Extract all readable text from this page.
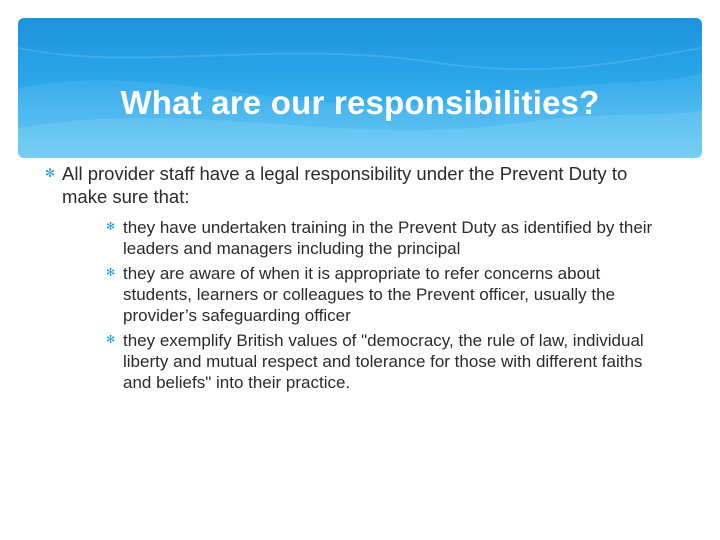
What are our responsibilities?
✻ All provider staff have a legal responsibility under the Prevent Duty to make sure that:
✻ they have undertaken training in the Prevent Duty as identified by their leaders and managers including the principal
✻ they are aware of when it is appropriate to refer concerns about students, learners or colleagues to the Prevent officer, usually the provider’s safeguarding officer
✻ they exemplify British values of "democracy, the rule of law, individual liberty and mutual respect and tolerance for those with different faiths and beliefs" into their practice.
